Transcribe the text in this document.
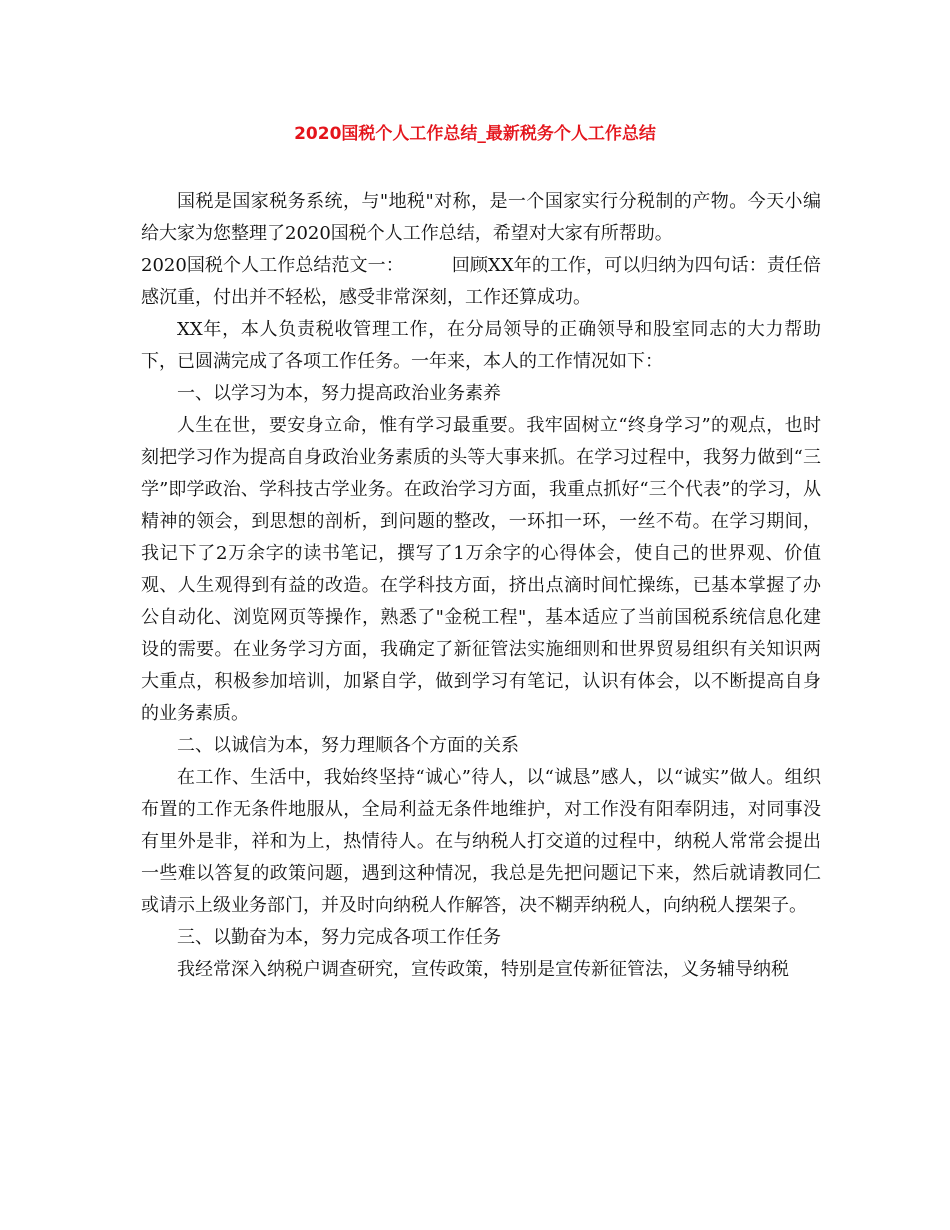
2020国税个人工作总结_最新税务个人工作总结

国税是国家税务系统，与"地税"对称，是一个国家实行分税制的产物。今天小编给大家为您整理了2020国税个人工作总结，希望对大家有所帮助。

2020国税个人工作总结范文一：	回顾XX年的工作，可以归纳为四句话：责任倍感沉重，付出并不轻松，感受非常深刻，工作还算成功。

XX年，本人负责税收管理工作，在分局领导的正确领导和股室同志的大力帮助下，已圆满完成了各项工作任务。一年来，本人的工作情况如下：

一、以学习为本，努力提高政治业务素养

人生在世，要安身立命，惟有学习最重要。我牢固树立“终身学习”的观点，也时刻把学习作为提高自身政治业务素质的头等大事来抓。在学习过程中，我努力做到“三学”即学政治、学科技古学业务。在政治学习方面，我重点抓好“三个代表”的学习，从精神的领会，到思想的剖析，到问题的整改，一环扣一环，一丝不苟。在学习期间，我记下了2万余字的读书笔记，撰写了1万余字的心得体会，使自己的世界观、价值观、人生观得到有益的改造。在学科技方面，挤出点滴时间忙操练，已基本掌握了办公自动化、浏览网页等操作，熟悉了"金税工程"，基本适应了当前国税系统信息化建设的需要。在业务学习方面，我确定了新征管法实施细则和世界贸易组织有关知识两大重点，积极参加培训，加紧自学，做到学习有笔记，认识有体会，以不断提高自身的业务素质。

二、以诚信为本，努力理顺各个方面的关系

在工作、生活中，我始终坚持“诚心”待人，以“诚恳”感人，以“诚实”做人。组织布置的工作无条件地服从，全局利益无条件地维护，对工作没有阳奉阴违，对同事没有里外是非，祥和为上，热情待人。在与纳税人打交道的过程中，纳税人常常会提出一些难以答复的政策问题，遇到这种情况，我总是先把问题记下来，然后就请教同仁或请示上级业务部门，并及时向纳税人作解答，决不糊弄纳税人，向纳税人摆架子。

三、以勤奋为本，努力完成各项工作任务

我经常深入纳税户调查研究，宣传政策，特别是宣传新征管法，义务辅导纳税
